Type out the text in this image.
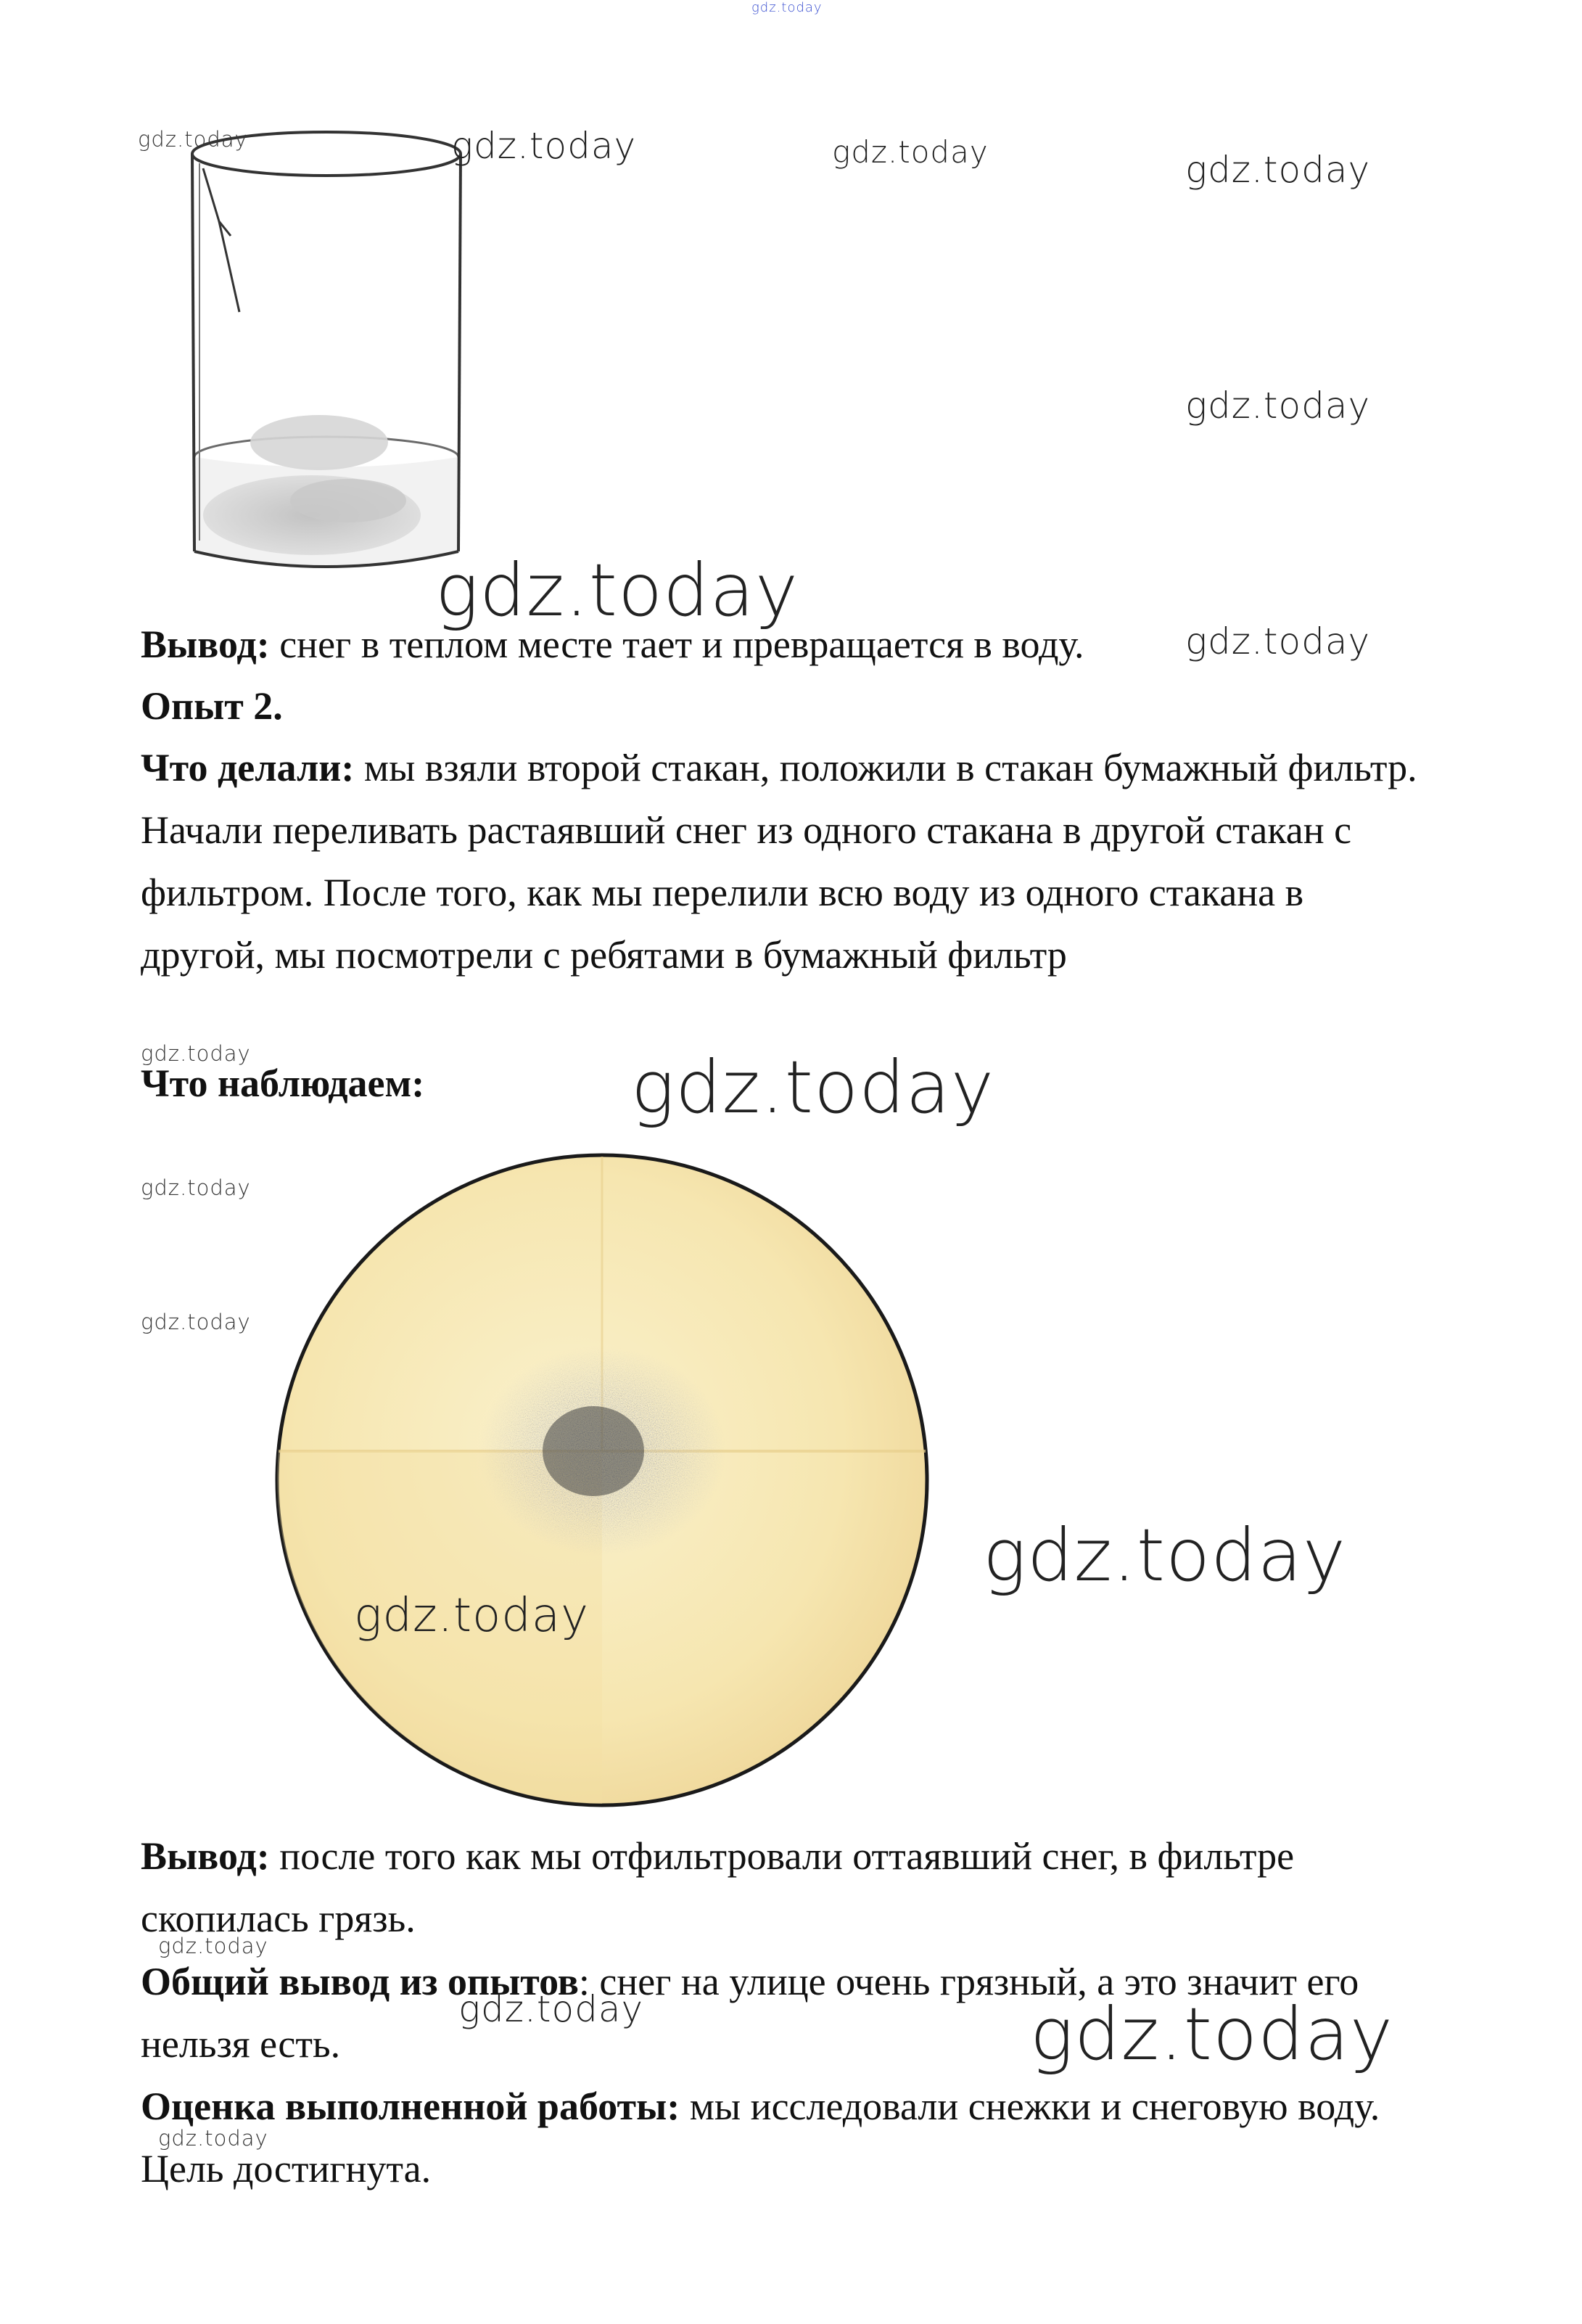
gdz.today
gdz.today	gdz.today	gdz.today	gdz.today
gdz.today
gdz.today
Вывод: снег в теплом месте тает и превращается в воду.	gdz.today
Опыт 2.
Что делали: мы взяли второй стакан, положили в стакан бумажный фильтр. Начали переливать растаявший снег из одного стакана в другой стакан с фильтром. После того, как мы перелили всю воду из одного стакана в другой, мы посмотрели с ребятами в бумажный фильтр
gdz.today
Что наблюдаем:	gdz.today
gdz.today
gdz.today
gdz.today
gdz.today
Вывод: после того как мы отфильтровали оттаявший снег, в фильтре скопилась грязь.
gdz.today
Общий вывод из опытов: снег на улице очень грязный, а это значит его нельзя есть.
gdz.today	gdz.today
Оценка выполненной работы: мы исследовали снежки и снеговую воду. Цель достигнута.
gdz.today
